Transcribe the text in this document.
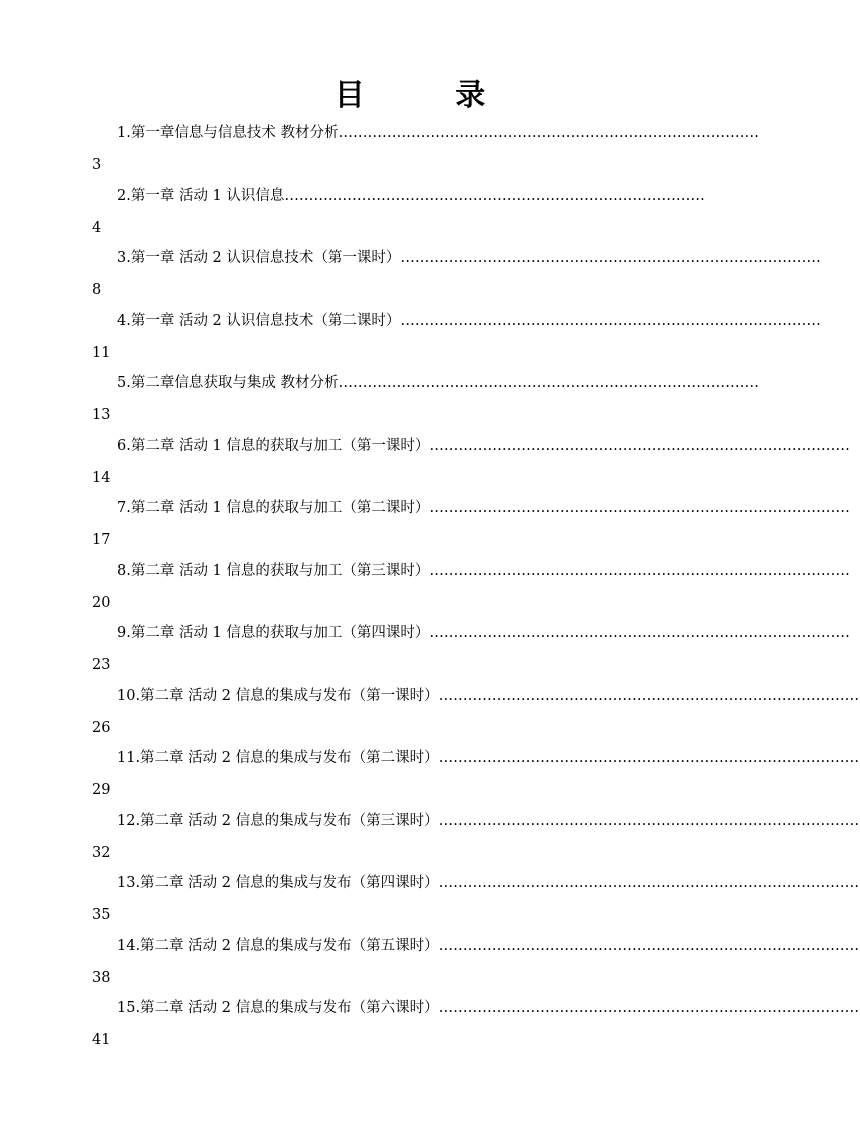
目 录
1.第一章信息与信息技术 教材分析……………………………………………………………………………
3
2.第一章 活动 1 认识信息……………………………………………………………………………
4
3.第一章 活动 2 认识信息技术（第一课时）……………………………………………………………………………
8
4.第一章 活动 2 认识信息技术（第二课时）……………………………………………………………………………
11
5.第二章信息获取与集成 教材分析……………………………………………………………………………
13
6.第二章 活动 1 信息的获取与加工（第一课时）……………………………………………………………………………
14
7.第二章 活动 1 信息的获取与加工（第二课时）……………………………………………………………………………
17
8.第二章 活动 1 信息的获取与加工（第三课时）……………………………………………………………………………
20
9.第二章 活动 1 信息的获取与加工（第四课时）……………………………………………………………………………
23
10.第二章 活动 2 信息的集成与发布（第一课时）……………………………………………………………………………
26
11.第二章 活动 2 信息的集成与发布（第二课时）……………………………………………………………………………
29
12.第二章 活动 2 信息的集成与发布（第三课时）……………………………………………………………………………
32
13.第二章 活动 2 信息的集成与发布（第四课时）……………………………………………………………………………
35
14.第二章 活动 2 信息的集成与发布（第五课时）……………………………………………………………………………
38
15.第二章 活动 2 信息的集成与发布（第六课时）……………………………………………………………………………
41
